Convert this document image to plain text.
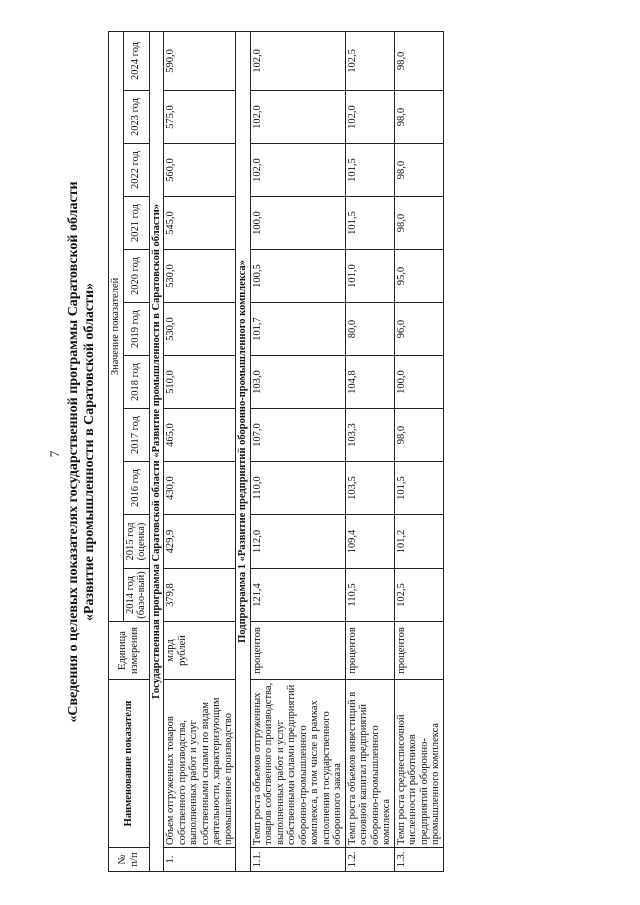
7 «Сведения о целевых показателях государственной программы Саратовской области «Развитие промышленности в Саратовской области»
№ п/п	Наименование показателя	Единица измерения	Значение показателей										
			2014 год (базо-вый)	2015 год (оценка)	2016 год	2017 год	2018 год	2019 год	2020 год	2021 год	2022 год	2023 год	2024 год
Государственная программа Саратовской области «Развитие промышленности в Саратовской области»													
1.	Объем отгруженных товаров собственного производства, выполненных работ и услуг собственными силами по видам деятельности, характеризующим промышленное производство	млрд рублей	379,8	429,9	430,0	465,0	510,0	530,0	530,0	545,0	560,0	575,0	590,0
Подпрограмма 1 «Развитие предприятий оборонно-промышленного комплекса»													
1.1.	Темп роста объемов отгруженных товаров собственного производства, выполненных работ и услуг собственными силами предприятий оборонно-промышленного комплекса, в том числе в рамках исполнения государственного оборонного заказа	процентов	121,4	112,0	110,0	107,0	103,0	101,7	100,5	100,0	102,0	102,0	102,0
1.2.	Темп роста объемов инвестиций в основной капитал предприятий оборонно-промышленного комплекса	процентов	110,5	109,4	103,5	103,3	104,8	80,0	101,0	101,5	101,5	102,0	102,5
1.3.	Темп роста среднесписочной численности работников предприятий оборонно-промышленного комплекса	процентов	102,5	101,2	101,5	98,0	100,0	96,0	95,0	98,0	98,0	98,0	98,0
